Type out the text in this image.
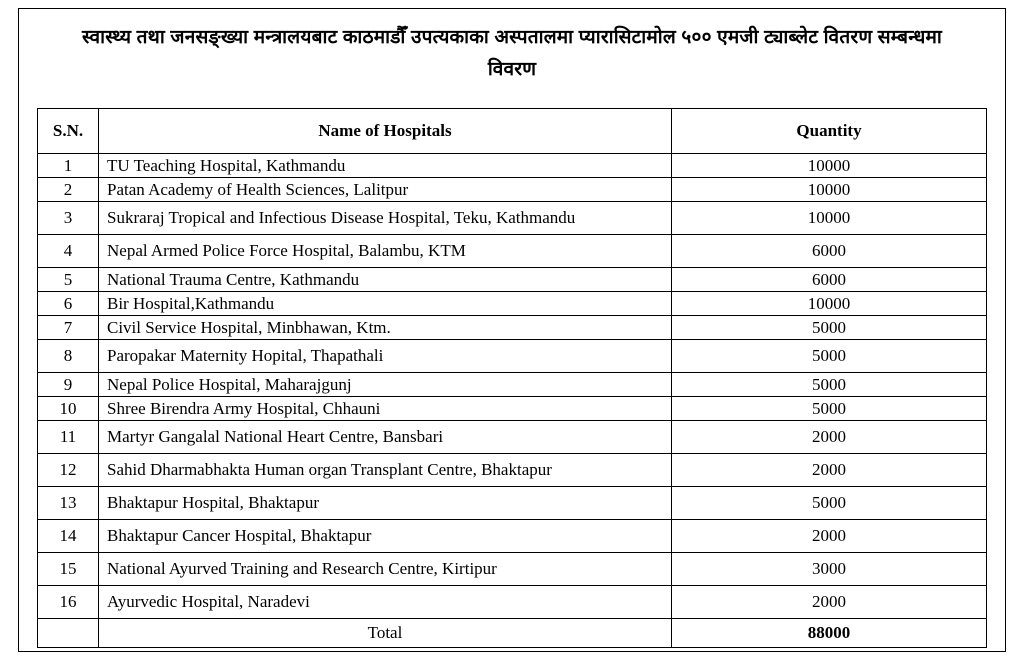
स्वास्थ्य तथा जनसङ्ख्या मन्त्रालयबाट काठमाडौँ उपत्यकाका अस्पतालमा प्यारासिटामोल ५०० एमजी ट्याब्लेट वितरण सम्बन्धमा विवरण
S.N.	Name of Hospitals	Quantity
1	TU Teaching Hospital, Kathmandu	10000
2	Patan Academy of Health Sciences, Lalitpur	10000
3	Sukraraj Tropical and Infectious Disease Hospital, Teku, Kathmandu	10000
4	Nepal Armed Police Force Hospital, Balambu, KTM	6000
5	National Trauma Centre, Kathmandu	6000
6	Bir Hospital,Kathmandu	10000
7	Civil Service Hospital, Minbhawan, Ktm.	5000
8	Paropakar Maternity Hopital, Thapathali	5000
9	Nepal Police Hospital, Maharajgunj	5000
10	Shree Birendra Army Hospital, Chhauni	5000
11	Martyr Gangalal National Heart Centre, Bansbari	2000
12	Sahid Dharmabhakta Human organ Transplant Centre, Bhaktapur	2000
13	Bhaktapur Hospital, Bhaktapur	5000
14	Bhaktapur Cancer Hospital, Bhaktapur	2000
15	National Ayurved Training and Research Centre, Kirtipur	3000
16	Ayurvedic Hospital, Naradevi	2000
	Total	88000
